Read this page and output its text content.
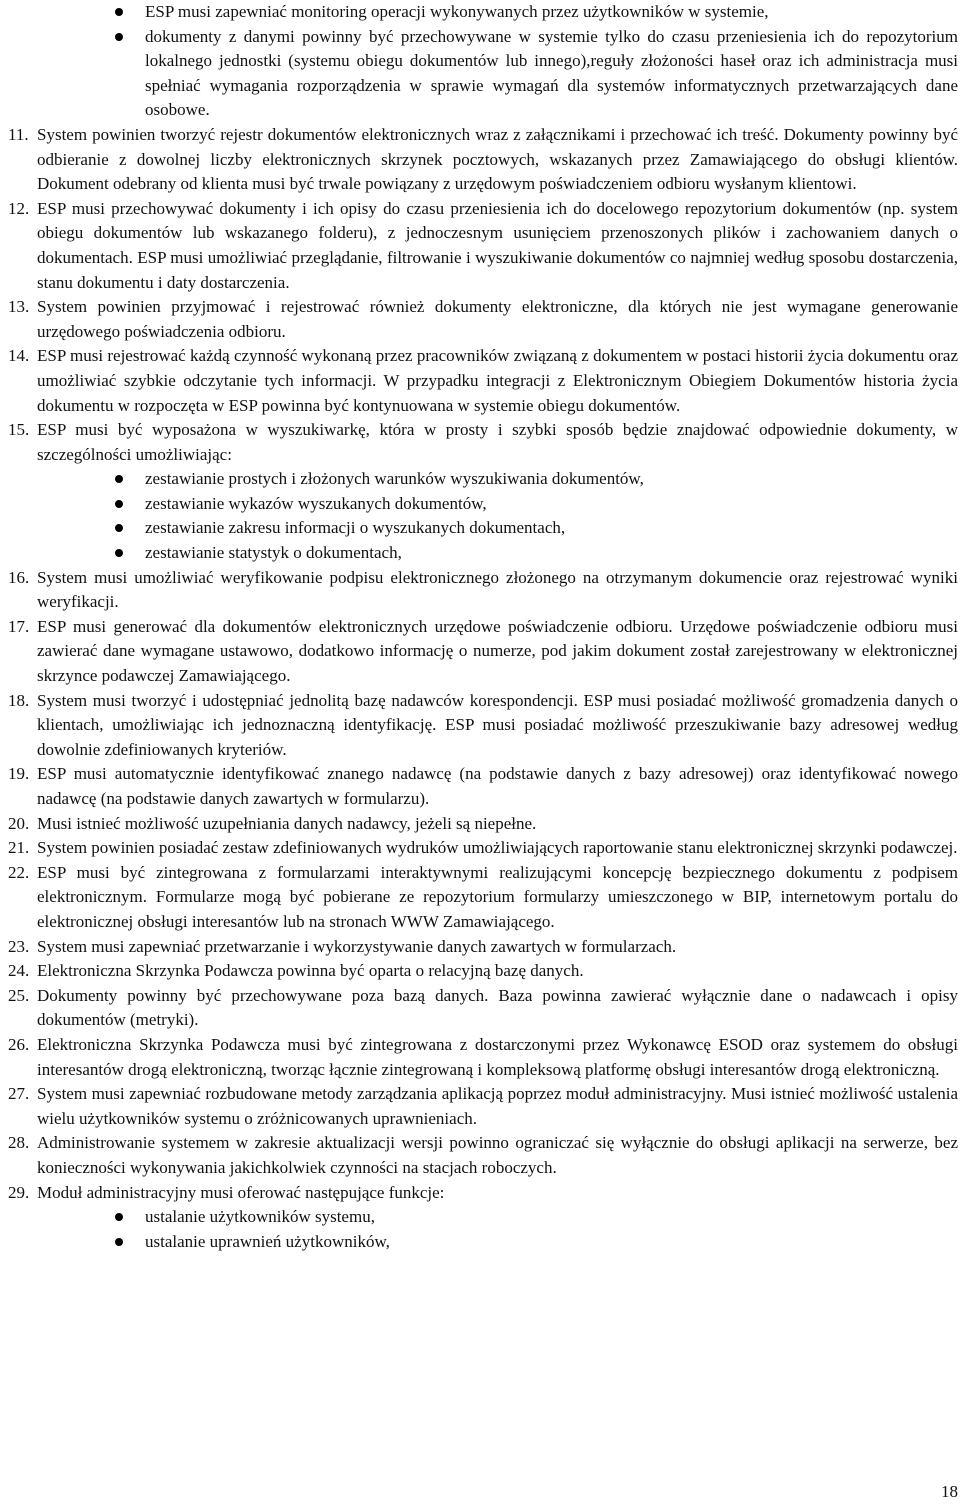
ESP musi zapewniać monitoring operacji wykonywanych przez użytkowników w systemie,
dokumenty z danymi powinny być przechowywane w systemie tylko do czasu przeniesienia ich do repozytorium lokalnego jednostki (systemu obiegu dokumentów lub innego),reguły złożoności haseł oraz ich administracja musi spełniać wymagania rozporządzenia w sprawie wymagań dla systemów informatycznych przetwarzających dane osobowe.
11. System powinien tworzyć rejestr dokumentów elektronicznych wraz z załącznikami i przechować ich treść. Dokumenty powinny być odbieranie z dowolnej liczby elektronicznych skrzynek pocztowych, wskazanych przez Zamawiającego do obsługi klientów. Dokument odebrany od klienta musi być trwale powiązany z urzędowym poświadczeniem odbioru wysłanym klientowi.
12. ESP musi przechowywać dokumenty i ich opisy do czasu przeniesienia ich do docelowego repozytorium dokumentów (np. system obiegu dokumentów lub wskazanego folderu), z jednoczesnym usunięciem przenoszonych plików i zachowaniem danych o dokumentach. ESP musi umożliwiać przeglądanie, filtrowanie i wyszukiwanie dokumentów co najmniej według sposobu dostarczenia, stanu dokumentu i daty dostarczenia.
13. System powinien przyjmować i rejestrować również dokumenty elektroniczne, dla których nie jest wymagane generowanie urzędowego poświadczenia odbioru.
14. ESP musi rejestrować każdą czynność wykonaną przez pracowników związaną z dokumentem w postaci historii życia dokumentu oraz umożliwiać szybkie odczytanie tych informacji. W przypadku integracji z Elektronicznym Obiegiem Dokumentów historia życia dokumentu w rozpoczęta w ESP powinna być kontynuowana w systemie obiegu dokumentów.
15. ESP musi być wyposażona w wyszukiwarkę, która w prosty i szybki sposób będzie znajdować odpowiednie dokumenty, w szczególności umożliwiając:
zestawianie prostych i złożonych warunków wyszukiwania dokumentów,
zestawianie wykazów wyszukanych dokumentów,
zestawianie zakresu informacji o wyszukanych dokumentach,
zestawianie statystyk o dokumentach,
16. System musi umożliwiać weryfikowanie podpisu elektronicznego złożonego na otrzymanym dokumencie oraz rejestrować wyniki weryfikacji.
17. ESP musi generować dla dokumentów elektronicznych urzędowe poświadczenie odbioru. Urzędowe poświadczenie odbioru musi zawierać dane wymagane ustawowo, dodatkowo informację o numerze, pod jakim dokument został zarejestrowany w elektronicznej skrzynce podawczej Zamawiającego.
18. System musi tworzyć i udostępniać jednolitą bazę nadawców korespondencji. ESP musi posiadać możliwość gromadzenia danych o klientach, umożliwiając ich jednoznaczną identyfikację. ESP musi posiadać możliwość przeszukiwanie bazy adresowej według dowolnie zdefiniowanych kryteriów.
19. ESP musi automatycznie identyfikować znanego nadawcę (na podstawie danych z bazy adresowej) oraz identyfikować nowego nadawcę (na podstawie danych zawartych w formularzu).
20. Musi istnieć możliwość uzupełniania danych nadawcy, jeżeli są niepełne.
21. System powinien posiadać zestaw zdefiniowanych wydruków umożliwiających raportowanie stanu elektronicznej skrzynki podawczej.
22. ESP musi być zintegrowana z formularzami interaktywnymi realizującymi koncepcję bezpiecznego dokumentu z podpisem elektronicznym. Formularze mogą być pobierane ze repozytorium formularzy umieszczonego w BIP, internetowym portalu do elektronicznej obsługi interesantów lub na stronach WWW Zamawiającego.
23. System musi zapewniać przetwarzanie i wykorzystywanie danych zawartych w formularzach.
24. Elektroniczna Skrzynka Podawcza powinna być oparta o relacyjną bazę danych.
25. Dokumenty powinny być przechowywane poza bazą danych. Baza powinna zawierać wyłącznie dane o nadawcach i opisy dokumentów (metryki).
26. Elektroniczna Skrzynka Podawcza musi być zintegrowana z dostarczonymi przez Wykonawcę ESOD oraz systemem do obsługi interesantów drogą elektroniczną, tworząc łącznie zintegrowaną i kompleksową platformę obsługi interesantów drogą elektroniczną.
27. System musi zapewniać rozbudowane metody zarządzania aplikacją poprzez moduł administracyjny. Musi istnieć możliwość ustalenia wielu użytkowników systemu o zróżnicowanych uprawnieniach.
28. Administrowanie systemem w zakresie aktualizacji wersji powinno ograniczać się wyłącznie do obsługi aplikacji na serwerze, bez konieczności wykonywania jakichkolwiek czynności na stacjach roboczych.
29. Moduł administracyjny musi oferować następujące funkcje:
ustalanie użytkowników systemu,
ustalanie uprawnień użytkowników,
18
